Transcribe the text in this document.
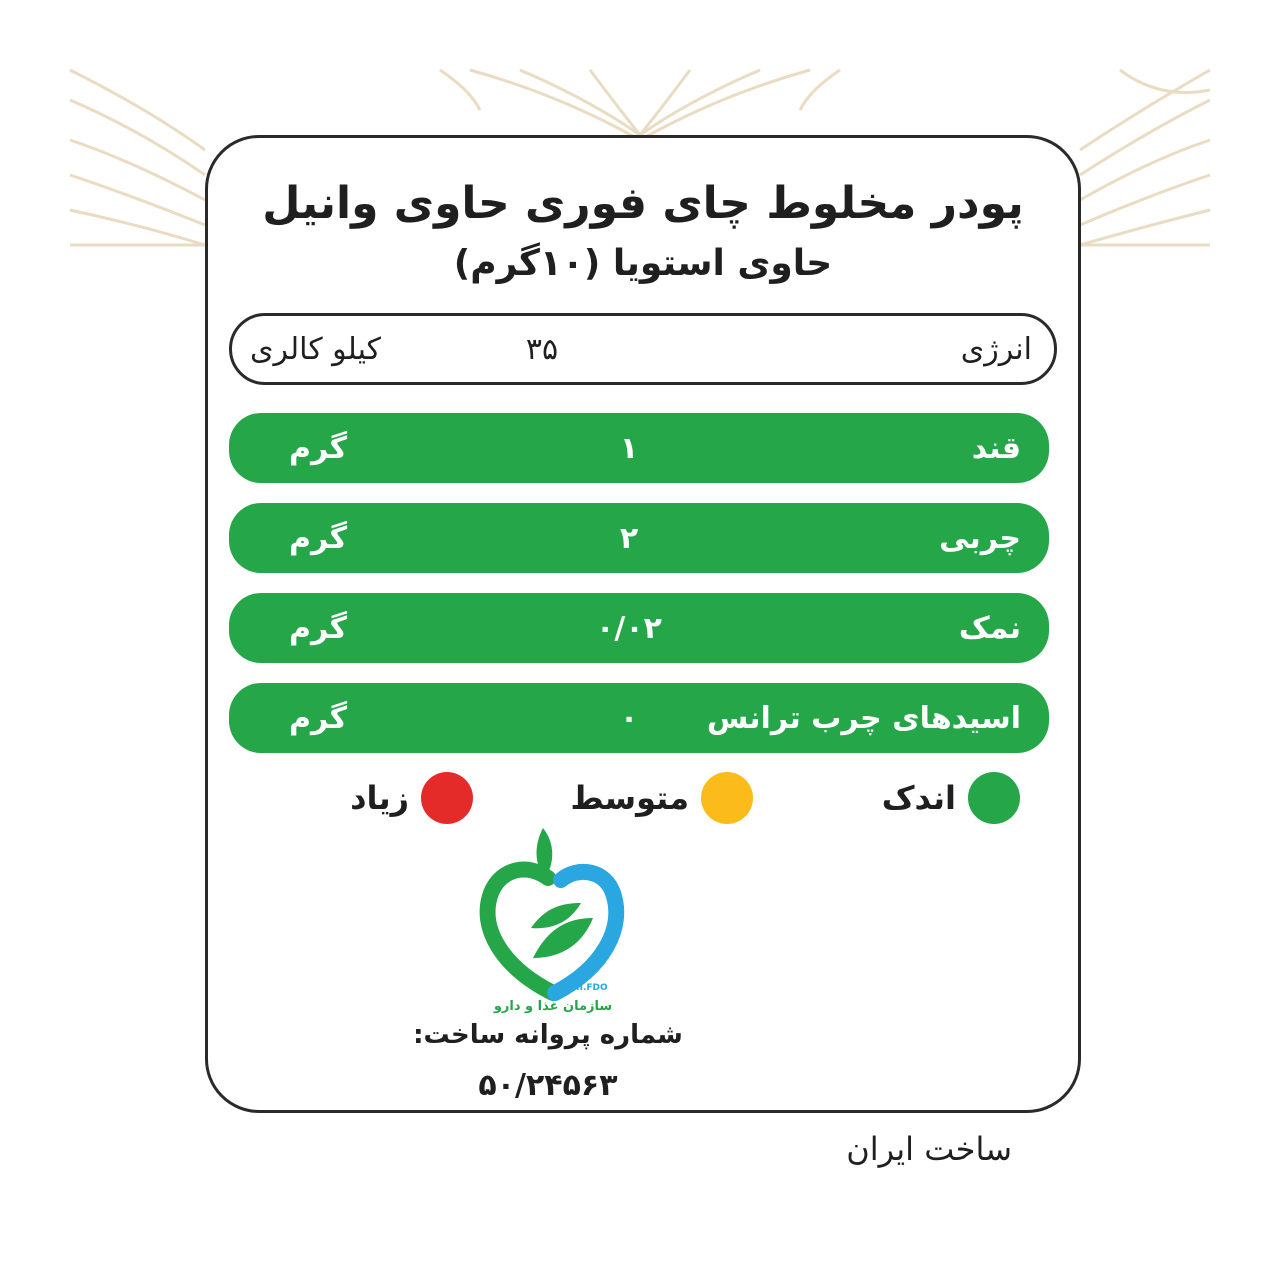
پودر مخلوط چای فوری حاوی وانیل
حاوی استویا (۱۰گرم)
انرژی
۳۵
کیلو کالری
قند
۱
گرم
چربی
۲
گرم
نمک
۰/۰۲
گرم
اسیدهای چرب ترانس
۰
گرم
اندک
متوسط
زیاد
I.R.I.FDO
سازمان غذا و دارو
شماره پروانه ساخت:
۵۰/۲۴۵۶۳
ساخت ایران
